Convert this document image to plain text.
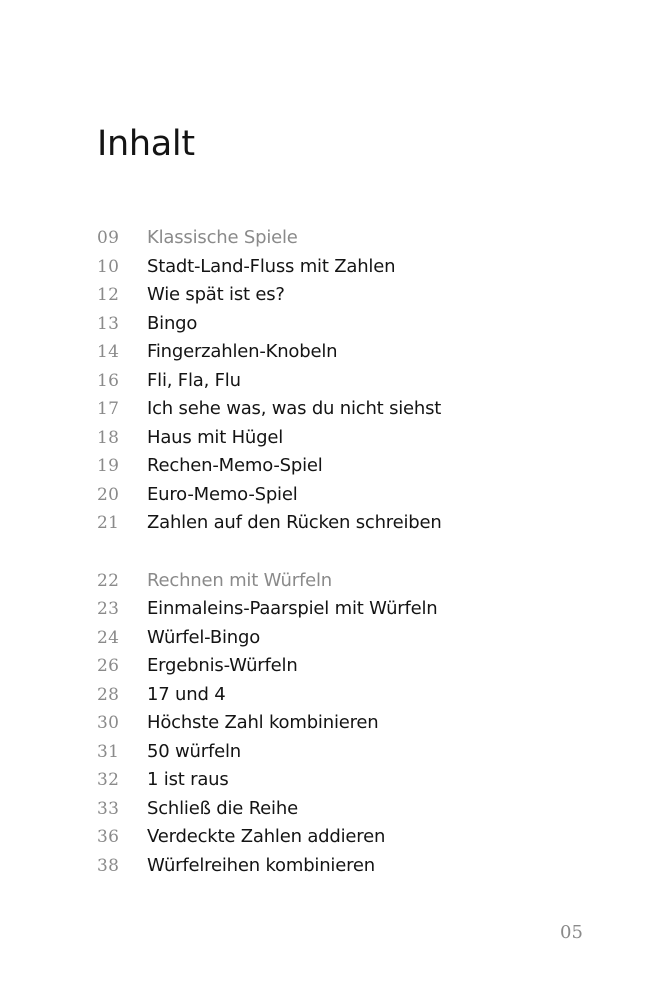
Inhalt
09	Klassische Spiele
10	Stadt-Land-Fluss mit Zahlen
12	Wie spät ist es?
13	Bingo
14	Fingerzahlen-Knobeln
16	Fli, Fla, Flu
17	Ich sehe was, was du nicht siehst
18	Haus mit Hügel
19	Rechen-Memo-Spiel
20	Euro-Memo-Spiel
21	Zahlen auf den Rücken schreiben
22	Rechnen mit Würfeln
23	Einmaleins-Paarspiel mit Würfeln
24	Würfel-Bingo
26	Ergebnis-Würfeln
28	17 und 4
30	Höchste Zahl kombinieren
31	50 würfeln
32	1 ist raus
33	Schließ die Reihe
36	Verdeckte Zahlen addieren
38	Würfelreihen kombinieren
05
